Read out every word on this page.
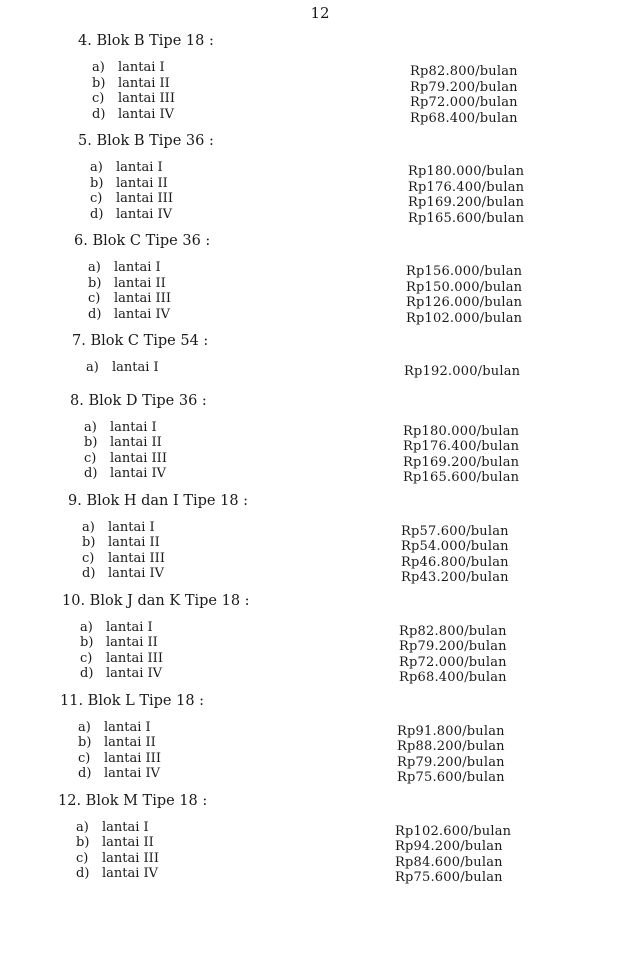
12
4. Blok B Tipe 18 :
a) lantai I	Rp82.800/bulan
b) lantai II	Rp79.200/bulan
c) lantai III	Rp72.000/bulan
d) lantai IV	Rp68.400/bulan
5. Blok B Tipe 36 :
a) lantai I	Rp180.000/bulan
b) lantai II	Rp176.400/bulan
c) lantai III	Rp169.200/bulan
d) lantai IV	Rp165.600/bulan
6. Blok C Tipe 36 :
a) lantai I	Rp156.000/bulan
b) lantai II	Rp150.000/bulan
c) lantai III	Rp126.000/bulan
d) lantai IV	Rp102.000/bulan
7. Blok C Tipe 54 :
a) lantai I	Rp192.000/bulan
8. Blok D Tipe 36 :
a) lantai I	Rp180.000/bulan
b) lantai II	Rp176.400/bulan
c) lantai III	Rp169.200/bulan
d) lantai IV	Rp165.600/bulan
9. Blok H dan I Tipe 18 :
a) lantai I	Rp57.600/bulan
b) lantai II	Rp54.000/bulan
c) lantai III	Rp46.800/bulan
d) lantai IV	Rp43.200/bulan
10. Blok J dan K Tipe 18 :
a) lantai I	Rp82.800/bulan
b) lantai II	Rp79.200/bulan
c) lantai III	Rp72.000/bulan
d) lantai IV	Rp68.400/bulan
11. Blok L Tipe 18 :
a) lantai I	Rp91.800/bulan
b) lantai II	Rp88.200/bulan
c) lantai III	Rp79.200/bulan
d) lantai IV	Rp75.600/bulan
12. Blok M Tipe 18 :
a) lantai I	Rp102.600/bulan
b) lantai II	Rp94.200/bulan
c) lantai III	Rp84.600/bulan
d) lantai IV	Rp75.600/bulan
